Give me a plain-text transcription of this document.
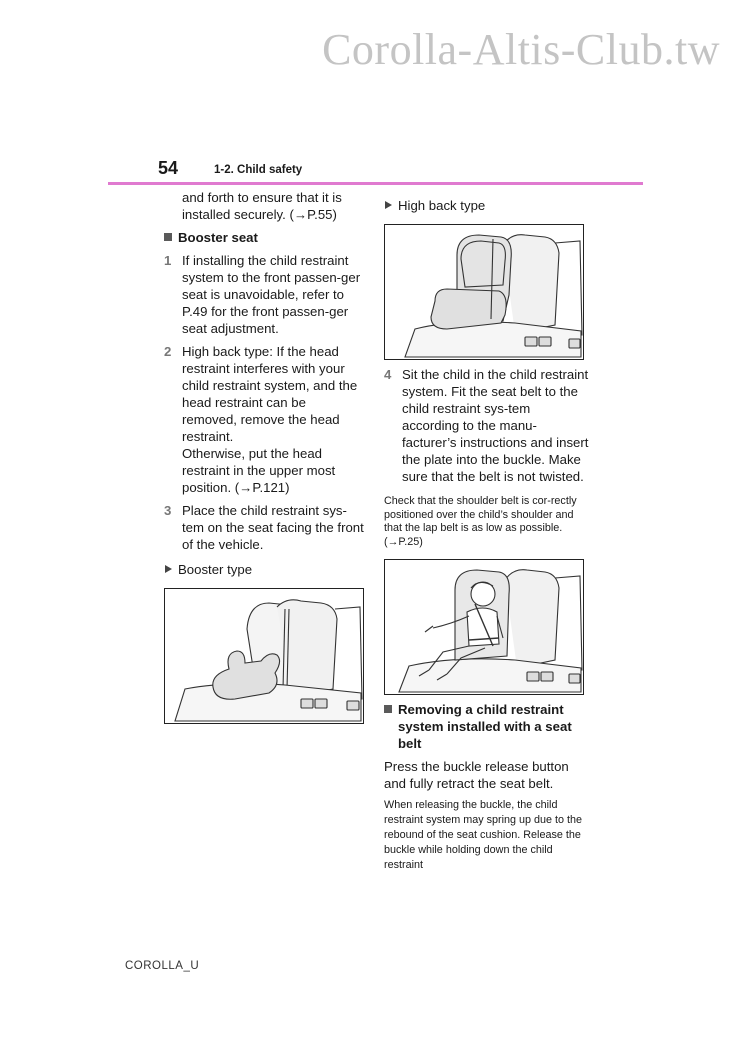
Corolla-Altis-Club.tw
54	1-2. Child safety

and forth to ensure that it is installed securely. (→P.55)

Booster seat

1 If installing the child restraint system to the front passen-ger seat is unavoidable, refer to P.49 for the front passen-ger seat adjustment.

2 High back type: If the head restraint interferes with your child restraint system, and the head restraint can be removed, remove the head restraint.

Otherwise, put the head restraint in the upper most position. (→P.121)

3 Place the child restraint sys-tem on the seat facing the front of the vehicle.

Booster type

High back type

4 Sit the child in the child restraint system. Fit the seat belt to the child restraint sys-tem according to the manu-facturer’s instructions and insert the plate into the buckle. Make sure that the belt is not twisted.

Check that the shoulder belt is cor-rectly positioned over the child’s shoulder and that the lap belt is as low as possible. (→P.25)

Removing a child restraint system installed with a seat belt

Press the buckle release button and fully retract the seat belt.

When releasing the buckle, the child restraint system may spring up due to the rebound of the seat cushion. Release the buckle while holding down the child restraint

COROLLA_U
